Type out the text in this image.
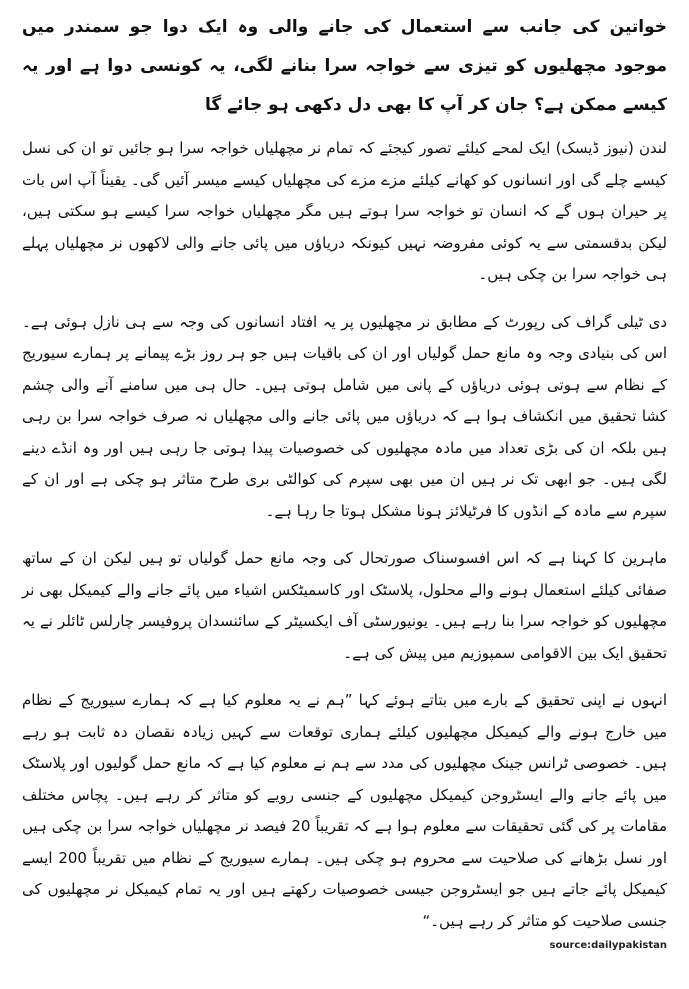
خواتین کی جانب سے استعمال کی جانے والی وہ ایک دوا جو سمندر میں موجود مچھلیوں کو تیزی سے خواجہ سرا بنانے لگی، یہ کونسی دوا ہے اور یہ کیسے ممکن ہے؟ جان کر آپ کا بھی دل دکھی ہو جائے گا

لندن (نیوز ڈیسک) ایک لمحے کیلئے تصور کیجئے کہ تمام نر مچھلیاں خواجہ سرا ہو جائیں تو ان کی نسل کیسے چلے گی اور انسانوں کو کھانے کیلئے مزے مزے کی مچھلیاں کیسے میسر آئیں گی۔ یقیناً آپ اس بات پر حیران ہوں گے کہ انسان تو خواجہ سرا ہوتے ہیں مگر مچھلیاں خواجہ سرا کیسے ہو سکتی ہیں، لیکن بدقسمتی سے یہ کوئی مفروضہ نہیں کیونکہ دریاؤں میں پائی جانے والی لاکھوں نر مچھلیاں پہلے ہی خواجہ سرا بن چکی ہیں۔

دی ٹیلی گراف کی رپورٹ کے مطابق نر مچھلیوں پر یہ افتاد انسانوں کی وجہ سے ہی نازل ہوئی ہے۔ اس کی بنیادی وجہ وہ مانع حمل گولیاں اور ان کی باقیات ہیں جو ہر روز بڑے پیمانے پر ہمارے سیوریج کے نظام سے ہوتی ہوئی دریاؤں کے پانی میں شامل ہوتی ہیں۔ حال ہی میں سامنے آنے والی چشم کشا تحقیق میں انکشاف ہوا ہے کہ دریاؤں میں پائی جانے والی مچھلیاں نہ صرف خواجہ سرا بن رہی ہیں بلکہ ان کی بڑی تعداد میں مادہ مچھلیوں کی خصوصیات پیدا ہوتی جا رہی ہیں اور وہ انڈے دینے لگی ہیں۔ جو ابھی تک نر ہیں ان میں بھی سپرم کی کوالٹی بری طرح متاثر ہو چکی ہے اور ان کے سپرم سے مادہ کے انڈوں کا فرٹیلائز ہونا مشکل ہوتا جا رہا ہے۔

ماہرین کا کہنا ہے کہ اس افسوسناک صورتحال کی وجہ مانع حمل گولیاں تو ہیں لیکن ان کے ساتھ صفائی کیلئے استعمال ہونے والے محلول، پلاسٹک اور کاسمیٹکس اشیاء میں پائے جانے والے کیمیکل بھی نر مچھلیوں کو خواجہ سرا بنا رہے ہیں۔ یونیورسٹی آف ایکسیٹر کے سائنسدان پروفیسر چارلس ٹائلر نے یہ تحقیق ایک بین الاقوامی سمپوزیم میں پیش کی ہے۔

انہوں نے اپنی تحقیق کے بارے میں بتاتے ہوئے کہا ”ہم نے یہ معلوم کیا ہے کہ ہمارے سیوریج کے نظام میں خارج ہونے والے کیمیکل مچھلیوں کیلئے ہماری توقعات سے کہیں زیادہ نقصان دہ ثابت ہو رہے ہیں۔ خصوصی ٹرانس جینک مچھلیوں کی مدد سے ہم نے معلوم کیا ہے کہ مانع حمل گولیوں اور پلاسٹک میں پائے جانے والے ایسٹروجن کیمیکل مچھلیوں کے جنسی رویے کو متاثر کر رہے ہیں۔ پچاس مختلف مقامات پر کی گئی تحقیقات سے معلوم ہوا ہے کہ تقریباً 20 فیصد نر مچھلیاں خواجہ سرا بن چکی ہیں اور نسل بڑھانے کی صلاحیت سے محروم ہو چکی ہیں۔ ہمارے سیوریج کے نظام میں تقریباً 200 ایسے کیمیکل پائے جاتے ہیں جو ایسٹروجن جیسی خصوصیات رکھتے ہیں اور یہ تمام کیمیکل نر مچھلیوں کی جنسی صلاحیت کو متاثر کر رہے ہیں۔“

source:dailypakistan
